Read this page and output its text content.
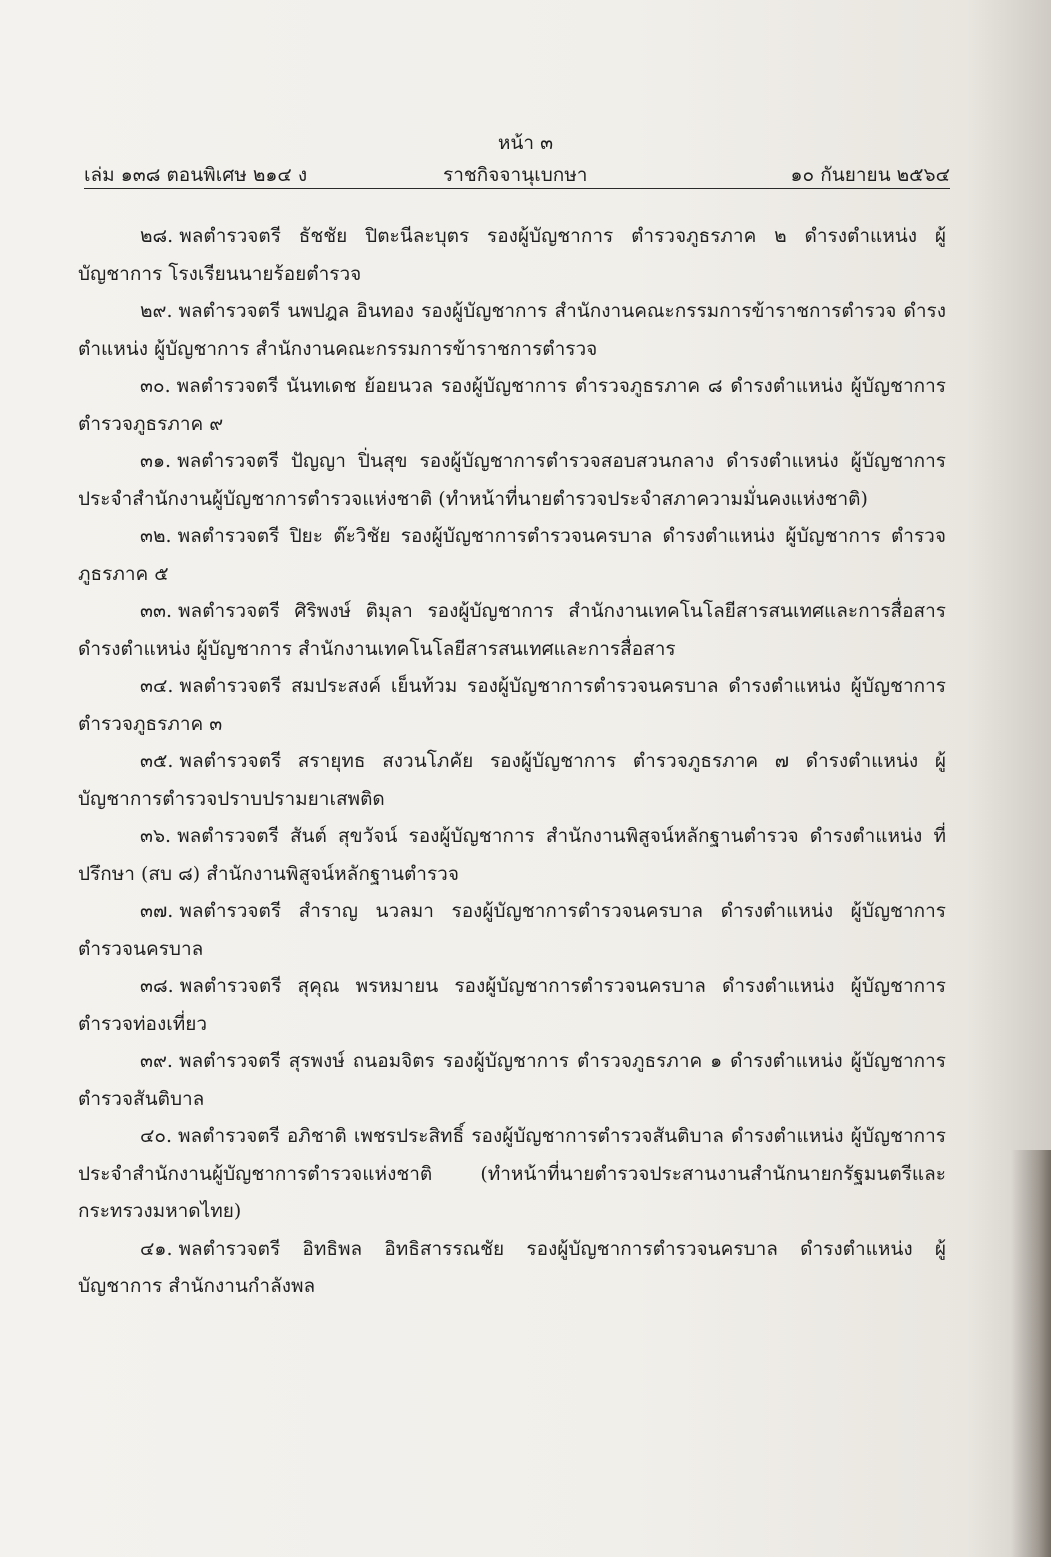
หน้า ๓
เล่ม ๑๓๘ ตอนพิเศษ ๒๑๔ ง	ราชกิจจานุเบกษา	๑๐ กันยายน ๒๕๖๔

๒๘. พลตำรวจตรี ธัชชัย ปิตะนีละบุตร รองผู้บัญชาการ ตำรวจภูธรภาค ๒ ดำรงตำแหน่ง ผู้บัญชาการ โรงเรียนนายร้อยตำรวจ

๒๙. พลตำรวจตรี นพปฎล อินทอง รองผู้บัญชาการ สำนักงานคณะกรรมการข้าราชการตำรวจ ดำรงตำแหน่ง ผู้บัญชาการ สำนักงานคณะกรรมการข้าราชการตำรวจ

๓๐. พลตำรวจตรี นันทเดช ย้อยนวล รองผู้บัญชาการ ตำรวจภูธรภาค ๘ ดำรงตำแหน่ง ผู้บัญชาการ ตำรวจภูธรภาค ๙

๓๑. พลตำรวจตรี ปัญญา ปิ่นสุข รองผู้บัญชาการตำรวจสอบสวนกลาง ดำรงตำแหน่ง ผู้บัญชาการ ประจำสำนักงานผู้บัญชาการตำรวจแห่งชาติ (ทำหน้าที่นายตำรวจประจำสภาความมั่นคงแห่งชาติ)

๓๒. พลตำรวจตรี ปิยะ ต๊ะวิชัย รองผู้บัญชาการตำรวจนครบาล ดำรงตำแหน่ง ผู้บัญชาการ ตำรวจภูธรภาค ๕

๓๓. พลตำรวจตรี ศิริพงษ์ ติมุลา รองผู้บัญชาการ สำนักงานเทคโนโลยีสารสนเทศและการสื่อสาร ดำรงตำแหน่ง ผู้บัญชาการ สำนักงานเทคโนโลยีสารสนเทศและการสื่อสาร

๓๔. พลตำรวจตรี สมประสงค์ เย็นท้วม รองผู้บัญชาการตำรวจนครบาล ดำรงตำแหน่ง ผู้บัญชาการ ตำรวจภูธรภาค ๓

๓๕. พลตำรวจตรี สรายุทธ สงวนโภคัย รองผู้บัญชาการ ตำรวจภูธรภาค ๗ ดำรงตำแหน่ง ผู้บัญชาการตำรวจปราบปรามยาเสพติด

๓๖. พลตำรวจตรี สันต์ สุขวัจน์ รองผู้บัญชาการ สำนักงานพิสูจน์หลักฐานตำรวจ ดำรงตำแหน่ง ที่ปรึกษา (สบ ๘) สำนักงานพิสูจน์หลักฐานตำรวจ

๓๗. พลตำรวจตรี สำราญ นวลมา รองผู้บัญชาการตำรวจนครบาล ดำรงตำแหน่ง ผู้บัญชาการตำรวจนครบาล

๓๘. พลตำรวจตรี สุคุณ พรหมายน รองผู้บัญชาการตำรวจนครบาล ดำรงตำแหน่ง ผู้บัญชาการตำรวจท่องเที่ยว

๓๙. พลตำรวจตรี สุรพงษ์ ถนอมจิตร รองผู้บัญชาการ ตำรวจภูธรภาค ๑ ดำรงตำแหน่ง ผู้บัญชาการตำรวจสันติบาล

๔๐. พลตำรวจตรี อภิชาติ เพชรประสิทธิ์ รองผู้บัญชาการตำรวจสันติบาล ดำรงตำแหน่ง ผู้บัญชาการ ประจำสำนักงานผู้บัญชาการตำรวจแห่งชาติ (ทำหน้าที่นายตำรวจประสานงานสำนักนายกรัฐมนตรีและกระทรวงมหาดไทย)

๔๑. พลตำรวจตรี อิทธิพล อิทธิสารรณชัย รองผู้บัญชาการตำรวจนครบาล ดำรงตำแหน่ง ผู้บัญชาการ สำนักงานกำลังพล
